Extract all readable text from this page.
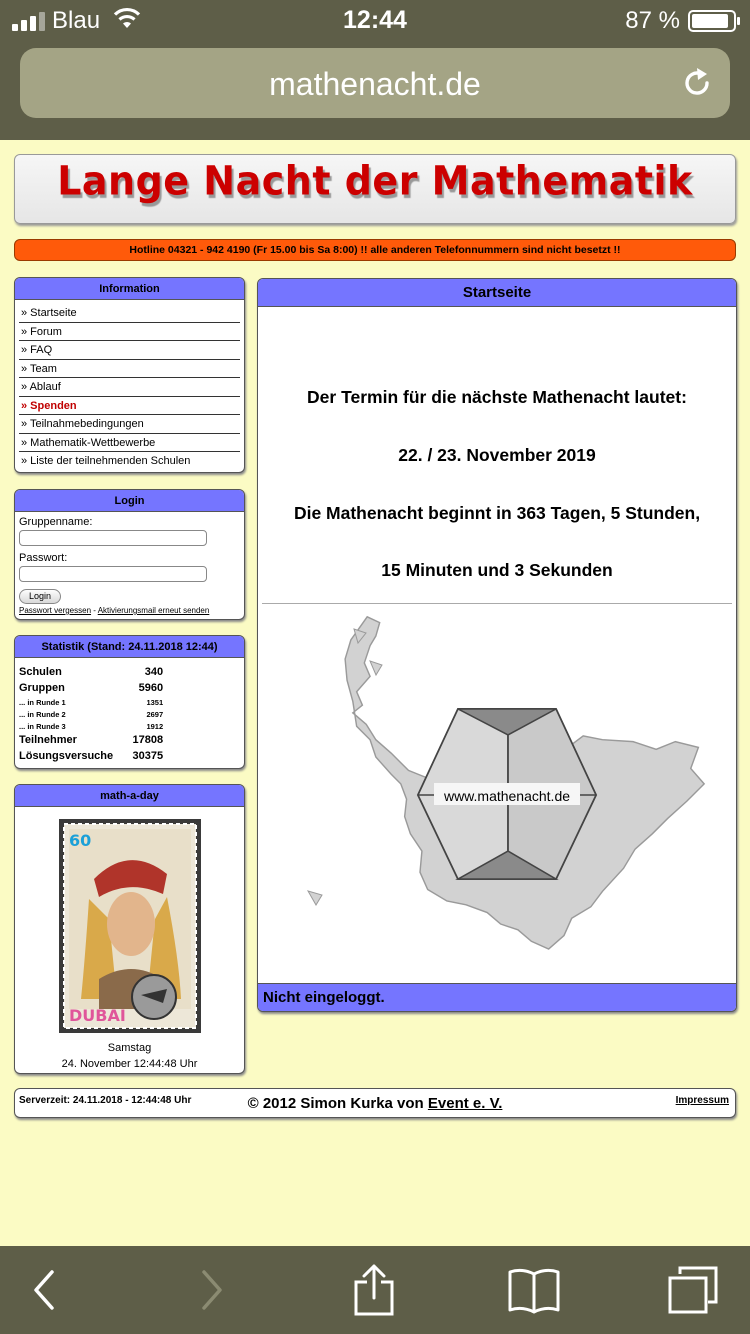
Blau	12:44	87 %
mathenacht.de
Lange Nacht der Mathematik
Hotline 04321 - 942 4190 (Fr 15.00 bis Sa 8:00) !! alle anderen Telefonnummern sind nicht besetzt !!
Information
» Startseite
» Forum
» FAQ
» Team
» Ablauf
» Spenden
» Teilnahmebedingungen
» Mathematik-Wettbewerbe
» Liste der teilnehmenden Schulen
Login
Gruppenname:
Passwort:
Login
Passwort vergessen - Aktivierungsmail erneut senden
Statistik (Stand: 24.11.2018 12:44)
Schulen	340
Gruppen	5960
... in Runde 1	1351
... in Runde 2	2697
... in Runde 3	1912
Teilnehmer	17808
Lösungsversuche	30375
math-a-day
60
DUBAI
Samstag
24. November 12:44:48 Uhr
Startseite
Der Termin für die nächste Mathenacht lautet:
22. / 23. November 2019
Die Mathenacht beginnt in 363 Tagen, 5 Stunden,
15 Minuten und 3 Sekunden
www.mathenacht.de
Nicht eingeloggt.
Serverzeit: 24.11.2018 - 12:44:48 Uhr	© 2012 Simon Kurka von Event e. V.	Impressum
